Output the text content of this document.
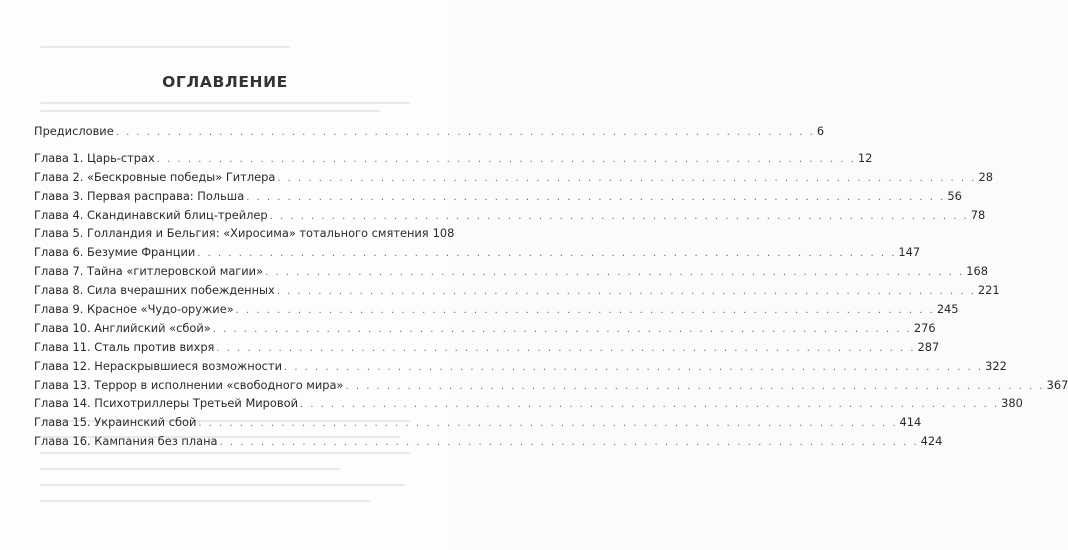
ОГЛАВЛЕНИЕ
Предисловие . . .	6
Глава 1. Царь-страх . . .	12
Глава 2. «Бескровные победы» Гитлера . . .	28
Глава 3. Первая расправа: Польша . . .	56
Глава 4. Скандинавский блиц-трейлер . . .	78
Глава 5. Голландия и Бельгия: «Хиросима» тотального смятения 108
Глава 6. Безумие Франции . . .	147
Глава 7. Тайна «гитлеровской магии» . . .	168
Глава 8. Сила вчерашних побежденных . . .	221
Глава 9. Красное «Чудо-оружие» . . .	245
Глава 10. Английский «сбой» . . .	276
Глава 11. Сталь против вихря . . .	287
Глава 12. Нераскрывшиеся возможности . . .	322
Глава 13. Террор в исполнении «свободного мира» . . .	367
Глава 14. Психотриллеры Третьей Мировой . . .	380
Глава 15. Украинский сбой . . .	414
Глава 16. Кампания без плана . . .	424
